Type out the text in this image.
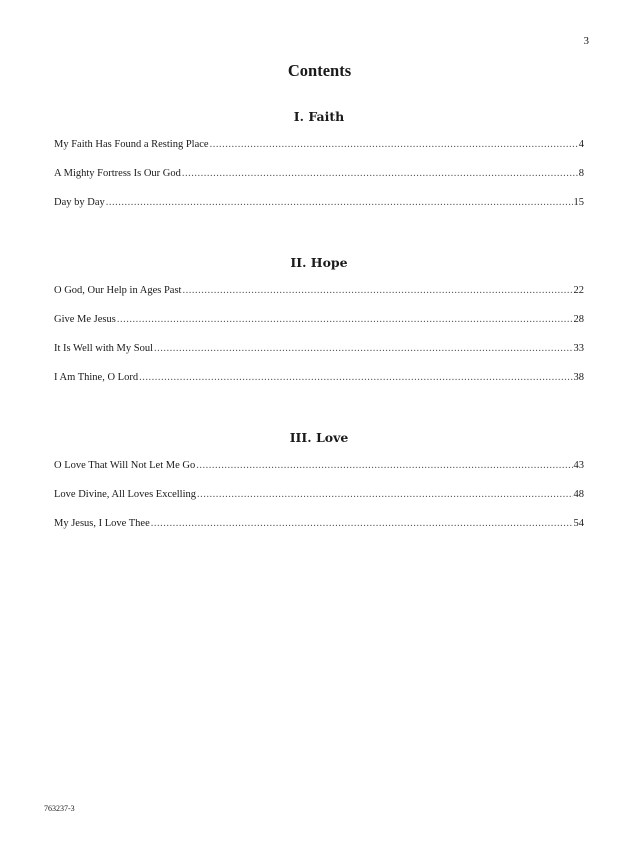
3
Contents
I. Faith
My Faith Has Found a Resting Place .....	4
A Mighty Fortress Is Our God .....	8
Day by Day .....	15
II. Hope
O God, Our Help in Ages Past .....	22
Give Me Jesus .....	28
It Is Well with My Soul .....	33
I Am Thine, O Lord .....	38
III. Love
O Love That Will Not Let Me Go .....	43
Love Divine, All Loves Excelling .....	48
My Jesus, I Love Thee .....	54
763237-3
